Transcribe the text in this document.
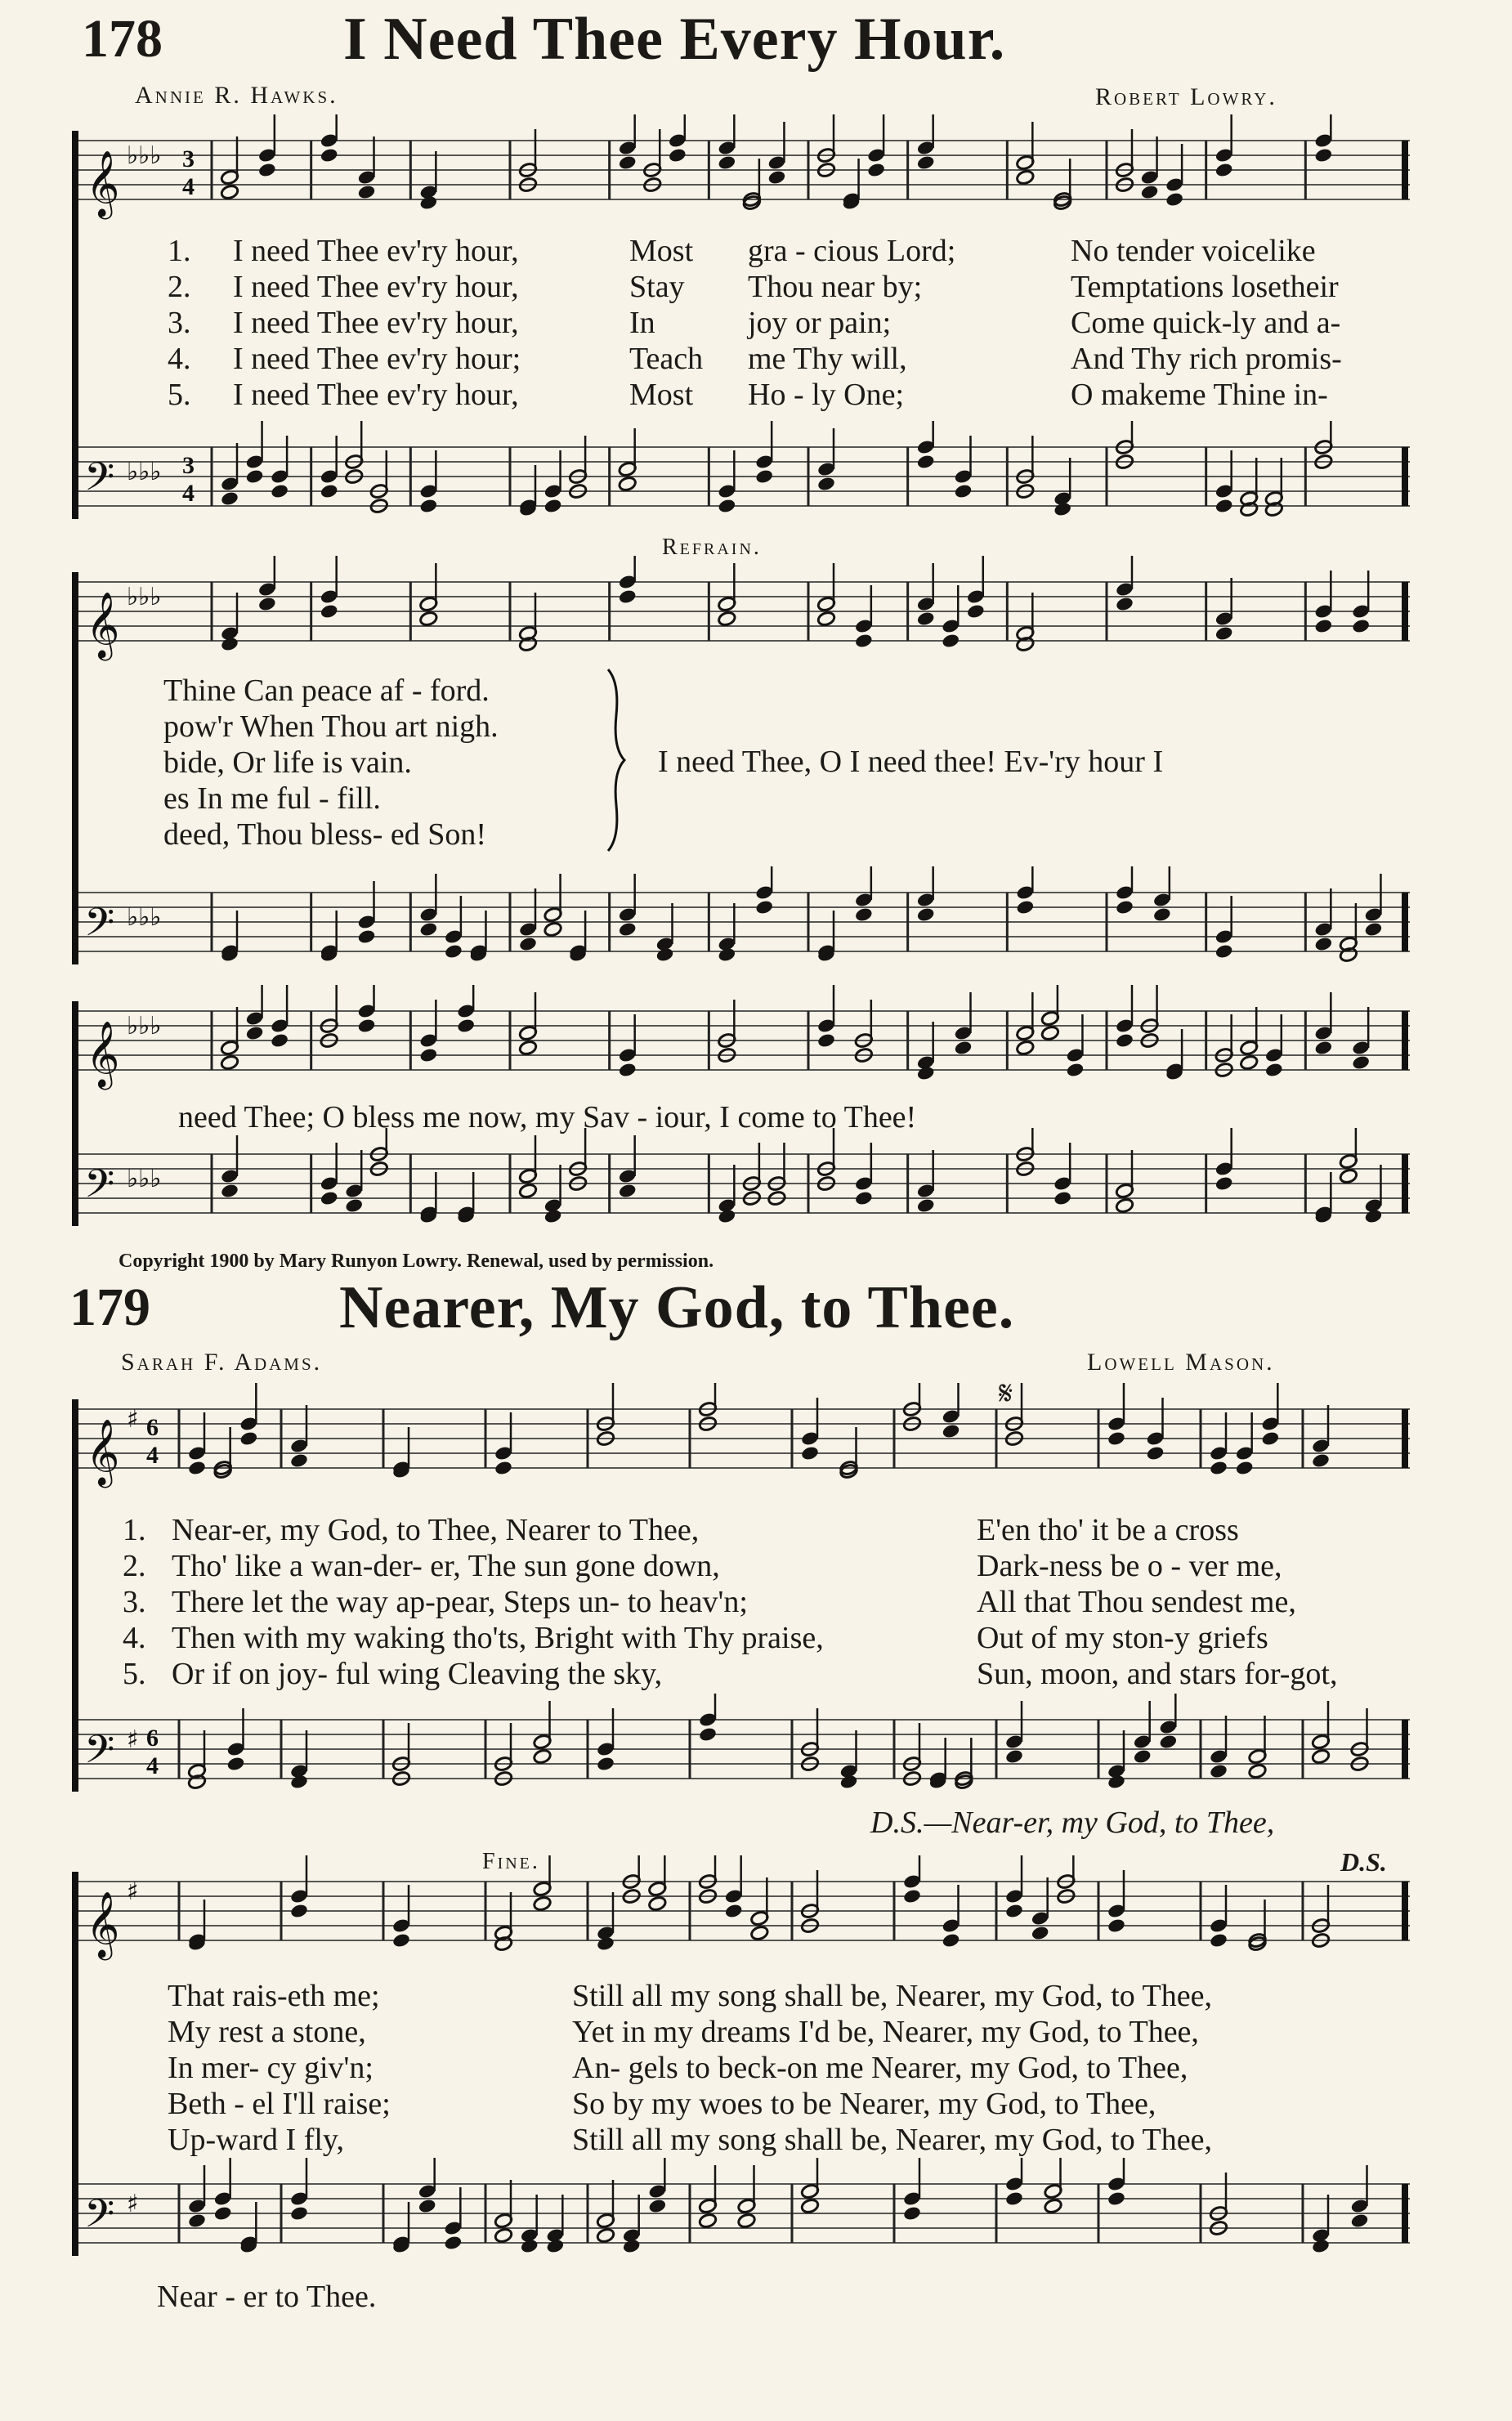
178	I Need Thee Every Hour.
Annie R. Hawks.	Robert Lowry.
𝄞 ♭♭♭ 3
4
𝄢 ♭♭♭ 3
4
1. I need Thee ev'ry hour,	Most gra - cious Lord;	No tender voicelike
Thine Can peace af - ford.
2. I need Thee ev'ry hour,	Stay Thou near by;	Temptations losetheir
pow'r When Thou art nigh.
3. I need Thee ev'ry hour,	In	joy or pain;	Come quick-ly and a-
bide, Or life is vain.
4. I need Thee ev'ry hour;	Teach me Thy will,	And Thy rich promis-
es In me ful - fill.
5. I need Thee ev'ry hour,	Most Ho - ly One;	O makeme Thine in-
deed, Thou bless- ed Son!
Refrain.
𝄞 ♭♭♭
𝄢 ♭♭♭
I need Thee, O I need thee! Ev-'ry hour I
𝄞 ♭♭♭
need Thee; O bless me now, my Sav - iour, I come to Thee!
𝄢 ♭♭♭
Copyright 1900 by Mary Runyon Lowry. Renewal, used by permission.
179	Nearer, My God, to Thee.
Sarah F. Adams.	Lowell Mason.
𝄋
𝄞 ♯ 6
4
1. Near-er, my God, to Thee, Nearer to Thee,	E'en tho' it be a cross
2. Tho' like a wan-der- er, The sun gone down,	Dark-ness be o - ver me,
3. There let the way ap-pear, Steps un- to heav'n;	All that Thou sendest me,
4. Then with my waking tho'ts, Bright with Thy praise,	Out of my ston-y griefs
5. Or if on joy- ful wing Cleaving the sky,	Sun, moon, and stars for-got,
𝄢 ♯ 6
4
D.S.—Near-er, my God, to Thee,
Fine.	D.S.
𝄞 ♯
𝄢 ♯
That rais-eth me;	Still all my song shall be, Nearer, my God, to Thee,
My rest a stone,	Yet in my dreams I'd be, Nearer, my God, to Thee,
In mer- cy giv'n;	An- gels to beck-on me Nearer, my God, to Thee,
Beth - el I'll raise;	So by my woes to be Nearer, my God, to Thee,
Up-ward I fly,	Still all my song shall be, Nearer, my God, to Thee,
Near - er to Thee.
